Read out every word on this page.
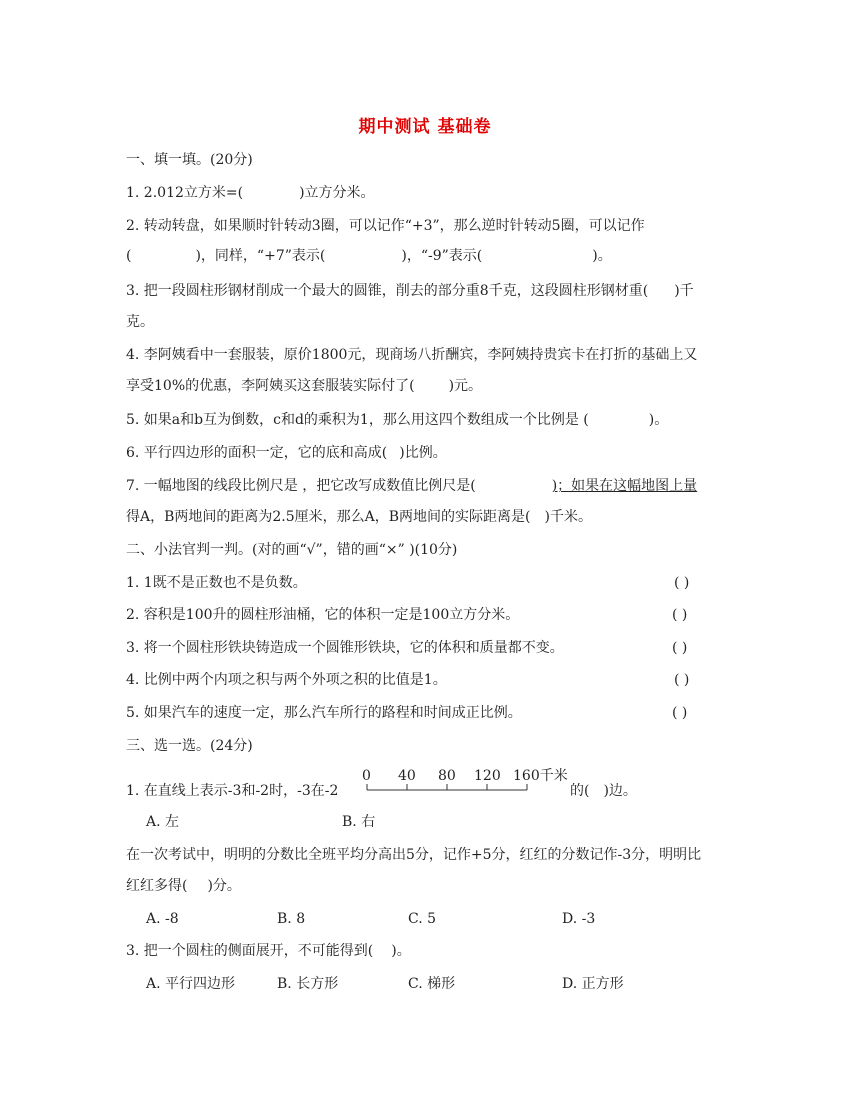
期中测试 基础卷
一、填一填。(20分)
1. 2.012立方米=(	)立方分米。
2. 转动转盘，如果顺时针转动3圈，可以记作“+3”，那么逆时针转动5圈，可以记作
(	)，同样，“+7”表示(	)，“-9”表示(	)。
3. 把一段圆柱形钢材削成一个最大的圆锥，削去的部分重8千克，这段圆柱形钢材重( )千
克。
4. 李阿姨看中一套服装，原价1800元，现商场八折酬宾，李阿姨持贵宾卡在打折的基础上又
享受10%的优惠，李阿姨买这套服装实际付了( )元。
5. 如果a和b互为倒数，c和d的乘积为1，那么用这四个数组成一个比例是 (	)。
6. 平行四边形的面积一定，它的底和高成( )比例。
7. 一幅地图的线段比例尺是 ，把它改写成数值比例尺是(	)；如果在这幅地图上量
得A，B两地间的距离为2.5厘米，那么A，B两地间的实际距离是( )千米。
二、小法官判一判。(对的画“√”，错的画“×” )(10分)
1. 1既不是正数也不是负数。	( )
2. 容积是100升的圆柱形油桶，它的体积一定是100立方分米。	( )
3. 将一个圆柱形铁块铸造成一个圆锥形铁块，它的体积和质量都不变。	( )
4. 比例中两个内项之积与两个外项之积的比值是1。	( )
5. 如果汽车的速度一定，那么汽车所行的路程和时间成正比例。	( )
三、选一选。(24分)
1. 在直线上表示-3和-2时，-3在-2
0 40 80 120 160千米
的( )边。
A. 左	B. 右
在一次考试中，明明的分数比全班平均分高出5分，记作+5分，红红的分数记作-3分，明明比
红红多得( )分。
A. -8	B. 8	C. 5	D. -3
3. 把一个圆柱的侧面展开，不可能得到( )。
A. 平行四边形	B. 长方形	C. 梯形	D. 正方形
